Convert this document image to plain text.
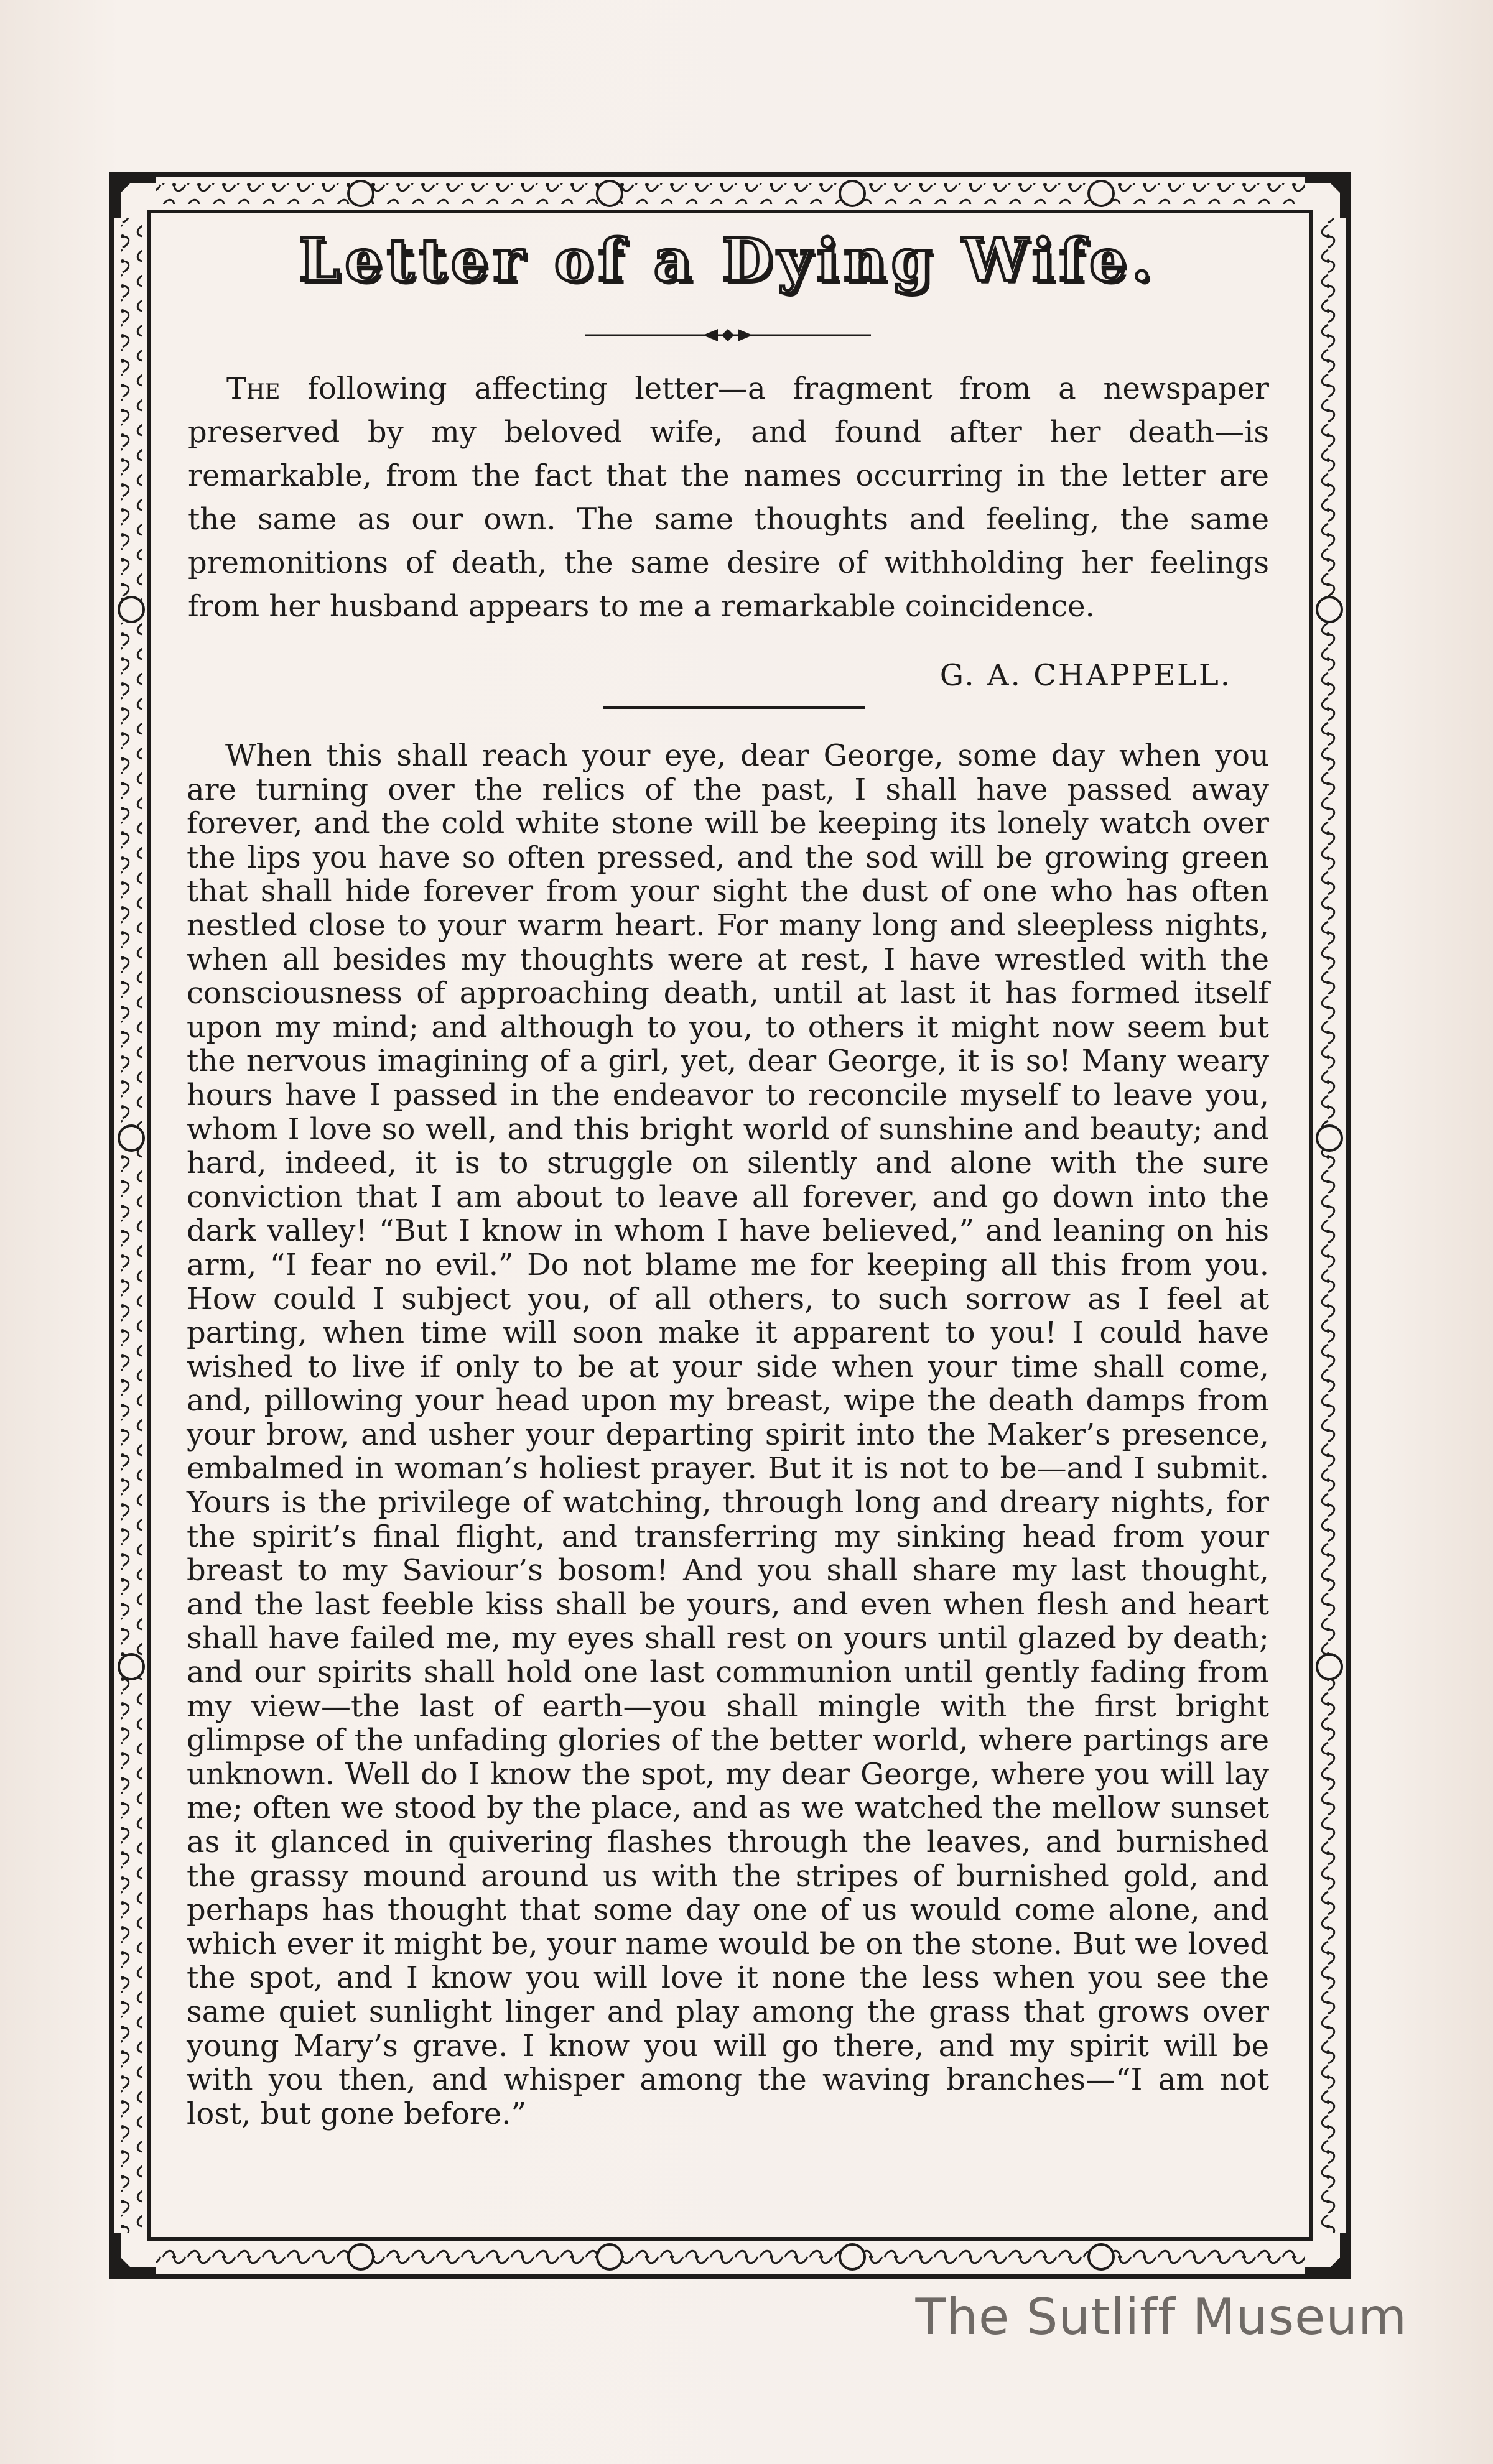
Letter of a Dying Wife.

The following affecting letter—a fragment from a newspaper preserved by my beloved wife, and found after her death—is remarkable, from the fact that the names occurring in the letter are the same as our own. The same thoughts and feeling, the same premonitions of death, the same desire of withholding her feelings from her husband appears to me a remarkable coincidence.

G. A. CHAPPELL.

When this shall reach your eye, dear George, some day when you are turning over the relics of the past, I shall have passed away forever, and the cold white stone will be keeping its lonely watch over the lips you have so often pressed, and the sod will be growing green that shall hide forever from your sight the dust of one who has often nestled close to your warm heart. For many long and sleepless nights, when all besides my thoughts were at rest, I have wrestled with the consciousness of approaching death, until at last it has formed itself upon my mind; and although to you, to others it might now seem but the nervous imagining of a girl, yet, dear George, it is so! Many weary hours have I passed in the endeavor to reconcile myself to leave you, whom I love so well, and this bright world of sunshine and beauty; and hard, indeed, it is to struggle on silently and alone with the sure conviction that I am about to leave all forever, and go down into the dark valley! “But I know in whom I have believed,” and leaning on his arm, “I fear no evil.” Do not blame me for keeping all this from you. How could I subject you, of all others, to such sorrow as I feel at parting, when time will soon make it apparent to you! I could have wished to live if only to be at your side when your time shall come, and, pillowing your head upon my breast, wipe the death damps from your brow, and usher your departing spirit into the Maker’s presence, embalmed in woman’s holiest prayer. But it is not to be—and I submit. Yours is the privilege of watching, through long and dreary nights, for the spirit’s final flight, and transferring my sinking head from your breast to my Saviour’s bosom! And you shall share my last thought, and the last feeble kiss shall be yours, and even when flesh and heart shall have failed me, my eyes shall rest on yours until glazed by death; and our spirits shall hold one last communion until gently fading from my view—the last of earth—you shall mingle with the first bright glimpse of the unfading glories of the better world, where partings are unknown. Well do I know the spot, my dear George, where you will lay me; often we stood by the place, and as we watched the mellow sunset as it glanced in quivering flashes through the leaves, and burnished the grassy mound around us with the stripes of burnished gold, and perhaps has thought that some day one of us would come alone, and which ever it might be, your name would be on the stone. But we loved the spot, and I know you will love it none the less when you see the same quiet sunlight linger and play among the grass that grows over young Mary’s grave. I know you will go there, and my spirit will be with you then, and whisper among the waving branches—“I am not lost, but gone before.”

The Sutliff Museum
